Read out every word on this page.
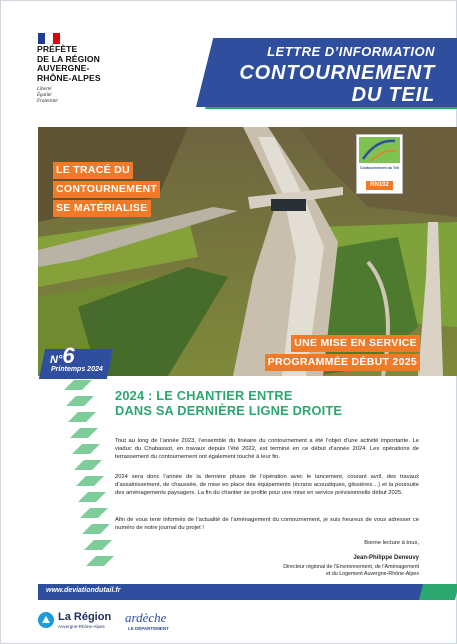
PRÉFÈTE
DE LA RÉGION
AUVERGNE-
RHÔNE-ALPES
Liberté
Égalité
Fraternité
LETTRE D’INFORMATION
CONTOURNEMENT
DU TEIL
LE TRACÉ DU
CONTOURNEMENT
SE MATÉRIALISE
UNE MISE EN SERVICE
PROGRAMMÉE DÉBUT 2025
Contournement du Teil
RN102
N°6
Printemps 2024
2024 : LE CHANTIER ENTRE
DANS SA DERNIÈRE LIGNE DROITE
Tout au long de l’année 2023, l’ensemble du linéaire du contournement a été l’objet d’une activité importante. Le viaduc du Chabassot, en travaux depuis l’été 2022, est terminé en ce début d’année 2024. Les opérations de terrassement du contournement ont également touché à leur fin.
2024 sera donc l’année de la dernière phase de l’opération avec le lancement, courant avril, des travaux d’assainissement, de chaussée, de mise en place des équipements (écrans acoustiques, glissières…) et la poursuite des aménagements paysagers. La fin du chantier se profile pour une mise en service prévisionnelle début 2025.
Afin de vous tenir informés de l’actualité de l’aménagement du contournement, je suis heureux de vous adresser ce numéro de notre journal du projet !
Bonne lecture à tous,
Jean-Philippe Deneuvy
Directeur régional de l’Environnement, de l’Aménagement
et du Logement Auvergne-Rhône-Alpes
www.deviationdutail.fr
La Région
Auvergne-Rhône-Alpes
ardèche
LE DÉPARTEMENT
